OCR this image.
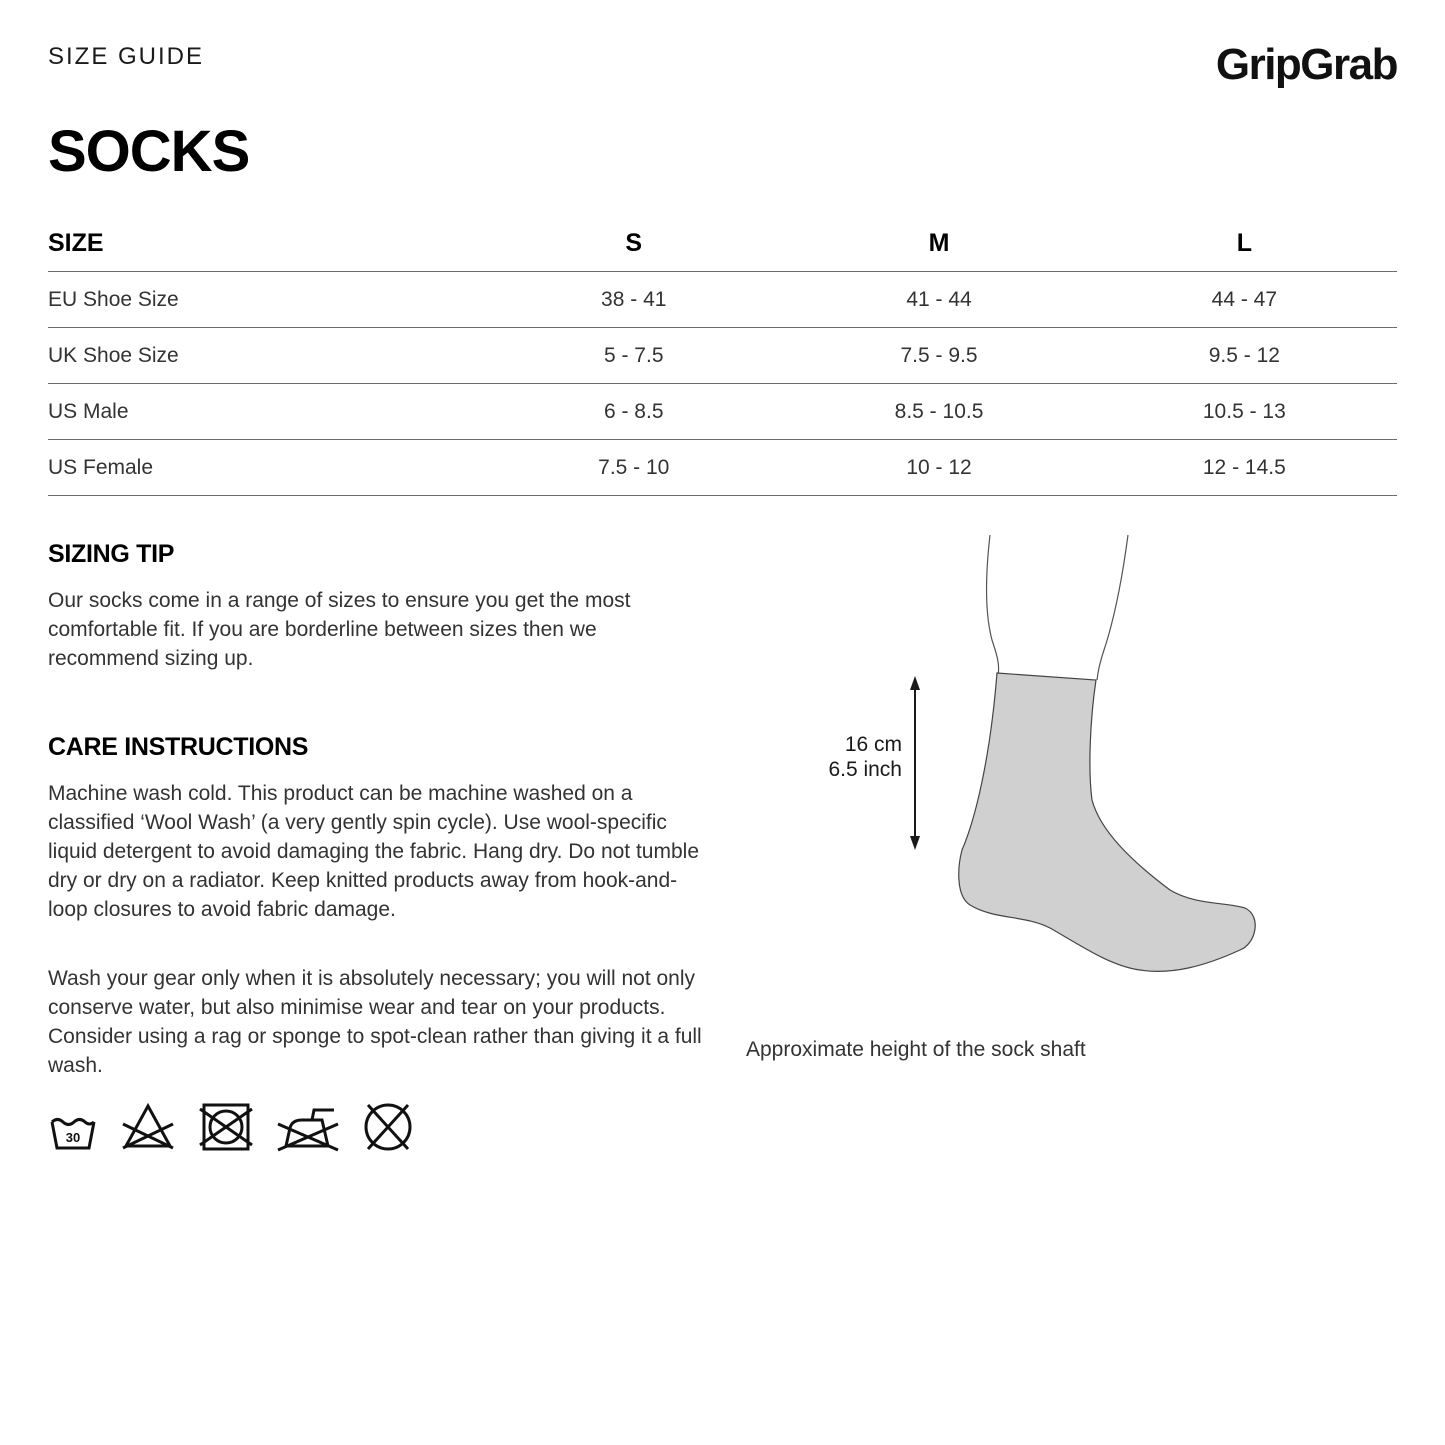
SIZE GUIDE	GripGrab
SOCKS
SIZE	S	M	L
EU Shoe Size	38 - 41	41 - 44	44 - 47
UK Shoe Size	5 - 7.5	7.5 - 9.5	9.5 - 12
US Male	6 - 8.5	8.5 - 10.5	10.5 - 13
US Female	7.5 - 10	10 - 12	12 - 14.5
SIZING TIP

Our socks come in a range of sizes to ensure you get the most comfortable fit. If you are borderline between sizes then we recommend sizing up.

CARE INSTRUCTIONS

Machine wash cold. This product can be machine washed on a classified ‘Wool Wash’ (a very gently spin cycle). Use wool-specific liquid detergent to avoid damaging the fabric. Hang dry. Do not tumble dry or dry on a radiator. Keep knitted products away from hook-and-loop closures to avoid fabric damage.

Wash your gear only when it is absolutely necessary; you will not only conserve water, but also minimise wear and tear on your products. Consider using a rag or sponge to spot-clean rather than giving it a full wash.

30
16 cm
6.5 inch

Approximate height of the sock shaft
